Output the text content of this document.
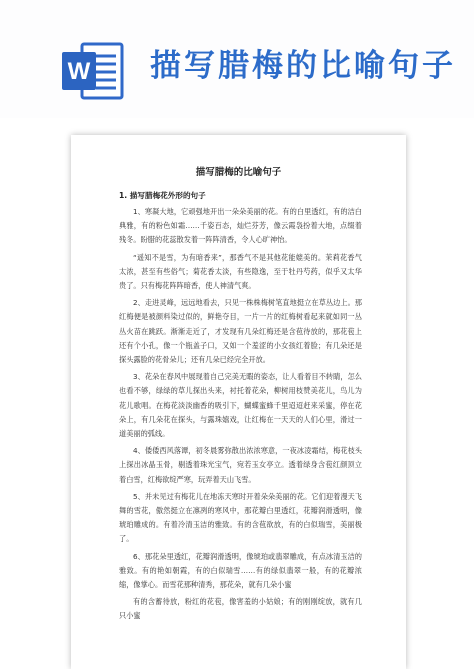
W 描写腊梅的比喻句子
描写腊梅的比喻句子
1. 描写腊梅花外形的句子

1、寒凝大地，它顽强地开出一朵朵美丽的花。有的白里透红，有的洁白典雅，有的粉色如霜……千姿百态，灿烂芬芳，像云霞袅扮着大地，点缀着残冬。盼腊的花蕊散发着一阵阵清香，令人心旷神怡。

“遥知不是雪，为有暗香来”，那香气不是其他花能媲美的。茉莉花香气太浓，甚至有些俗气；菊花香太淡，有些隐逸，至于牡丹芍药，似乎又太华贵了。只有梅花阵阵暗香，使人神清气爽。

2、走进灵峰，远远地看去，只见一株株梅树笔直地挺立在草丛边上。那红梅便是被颜料染过似的，鲜艳夺目，一片一片的红梅树看起来就如同一丛丛火苗在跳跃。渐渐走近了，才发现有几朵红梅还是含苞待放的，那花苞上还有个小孔，像一个瓶盖子口，又如一个羞涩的小女孩红着脸；有几朵还是探头露脸的花骨朵儿；还有几朵已经完全开放。

3、花朵在春风中展现着自己完美无暇的姿态，让人看着目不转睛，怎么也看不够，绿绿的草儿探出头来，衬托着花朵，柳树用枝赞美花儿，鸟儿为花儿歌唱。在梅花淡淡幽香的吸引下，蝴蝶蜜蜂千里迢迢赶来采蜜，停在花朵上，有几朵花在探头，与露珠嬉戏，让红梅在一天天的人们心里，滑过一道美丽的弧线。

4、倭倭西风落谭，初冬晨雾弥散出浓浓寒意，一夜冰凌霜结，梅花枝头上探出冰晶玉骨，剔透着珠光宝气，宛若玉女亭立。透着绿身含苞红颜顶立着白雪，红梅欲绽严寒，玩弄着天山飞雪。

5、并未见过有梅花儿在地冻天寒时开着朵朵美丽的花。它们迎着漫天飞舞的雪花，傲然挺立在凛冽的寒风中，那花瓣白里透红，花瓣润滑透明，像琥珀雕成的。有着冷清玉洁的雅致。有的含苞欲放，有的白似瑞雪，美丽极了。

6、那花朵里透红，花瓣润滑透明，像琥珀或翡翠雕成，有点冰清玉洁的雅致。有的艳如朝霞，有的白似瑞雪……有的绿似翡翠一般，有的花瓣浓缩，像掌心。而雪花那种清秀，那花朵，就有几朵小蜜

有的含蓄待放，粉红的花苞，像害羞的小姑娘；有的刚刚绽放，就有几只小蜜
